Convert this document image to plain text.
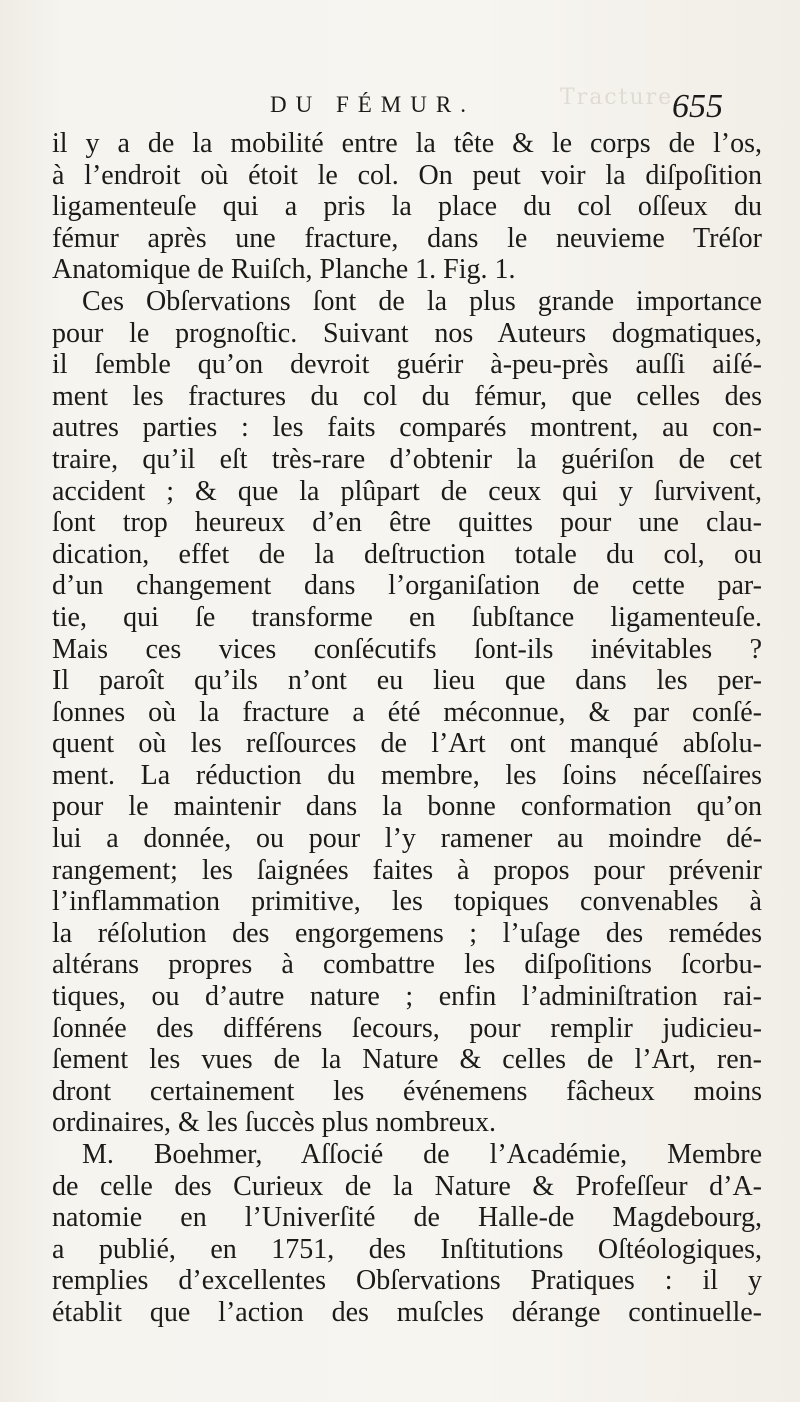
Tracture
DU FÉMUR.	655
il y a de la mobilité entre la tête & le corps de l’os,
à l’endroit où étoit le col. On peut voir la diſpoſition
ligamenteuſe qui a pris la place du col oſſeux du
fémur après une fracture, dans le neuvieme Tréſor
Anatomique de Ruiſch, Planche 1. Fig. 1.
Ces Obſervations ſont de la plus grande importance
pour le prognoſtic. Suivant nos Auteurs dogmatiques,
il ſemble qu’on devroit guérir à-peu-près auſſi aiſé-
ment les fractures du col du fémur, que celles des
autres parties : les faits comparés montrent, au con-
traire, qu’il eſt très-rare d’obtenir la guériſon de cet
accident ; & que la plûpart de ceux qui y ſurvivent,
ſont trop heureux d’en être quittes pour une clau-
dication, effet de la deſtruction totale du col, ou
d’un changement dans l’organiſation de cette par-
tie, qui ſe transforme en ſubſtance ligamenteuſe.
Mais ces vices conſécutifs ſont-ils inévitables ?
Il paroît qu’ils n’ont eu lieu que dans les per-
ſonnes où la fracture a été méconnue, & par conſé-
quent où les reſſources de l’Art ont manqué abſolu-
ment. La réduction du membre, les ſoins néceſſaires
pour le maintenir dans la bonne conformation qu’on
lui a donnée, ou pour l’y ramener au moindre dé-
rangement; les ſaignées faites à propos pour prévenir
l’inflammation primitive, les topiques convenables à
la réſolution des engorgemens ; l’uſage des remédes
altérans propres à combattre les diſpoſitions ſcorbu-
tiques, ou d’autre nature ; enfin l’adminiſtration rai-
ſonnée des différens ſecours, pour remplir judicieu-
ſement les vues de la Nature & celles de l’Art, ren-
dront certainement les événemens fâcheux moins
ordinaires, & les ſuccès plus nombreux.
M. Boehmer, Aſſocié de l’Académie, Membre
de celle des Curieux de la Nature & Profeſſeur d’A-
natomie en l’Univerſité de Halle-de Magdebourg,
a publié, en 1751, des Inſtitutions Oſtéologiques,
remplies d’excellentes Obſervations Pratiques : il y
établit que l’action des muſcles dérange continuelle-
